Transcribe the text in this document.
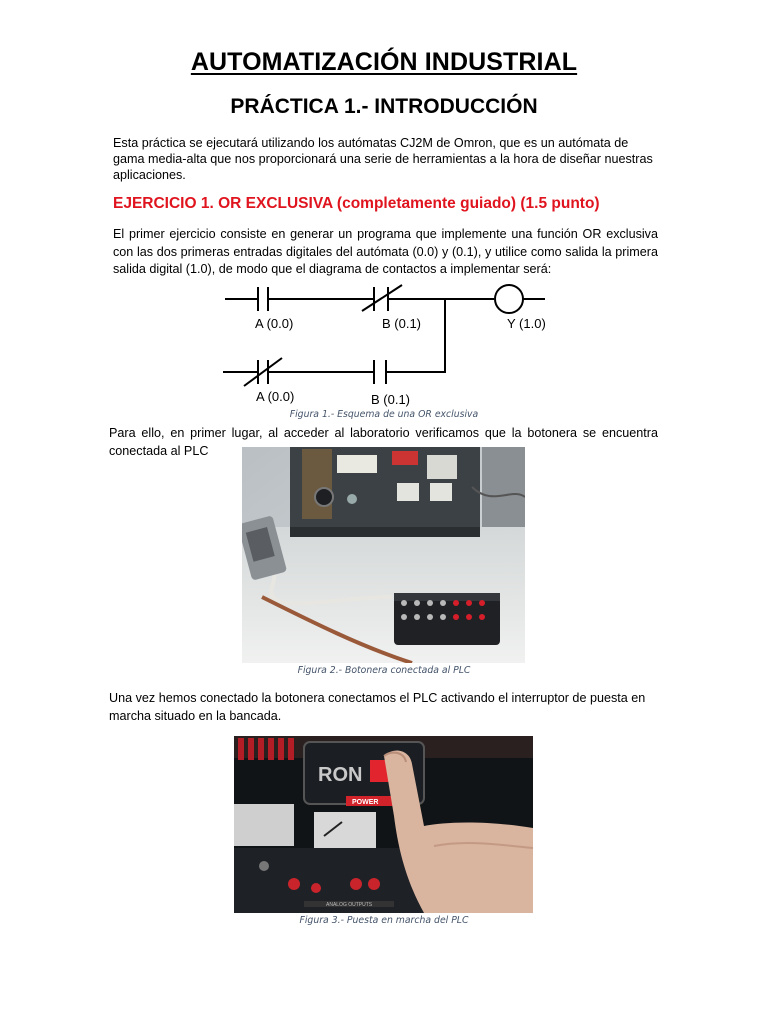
AUTOMATIZACIÓN INDUSTRIAL
PRÁCTICA 1.- INTRODUCCIÓN
Esta práctica se ejecutará utilizando los autómatas CJ2M de Omron, que es un autómata de gama media-alta que nos proporcionará una serie de herramientas a la hora de diseñar nuestras aplicaciones.
EJERCICIO 1. OR EXCLUSIVA (completamente guiado) (1.5 punto)
El primer ejercicio consiste en generar un programa que implemente una función OR exclusiva con las dos primeras entradas digitales del autómata (0.0) y (0.1), y utilice como salida la primera salida digital (1.0), de modo que el diagrama de contactos a implementar será:
A (0.0)	B (0.1)	Y (1.0)
A (0.0)	B (0.1)
Figura 1.- Esquema de una OR exclusiva
Para ello, en primer lugar, al acceder al laboratorio verificamos que la botonera se encuentra conectada al PLC
Figura 2.- Botonera conectada al PLC
Una vez hemos conectado la botonera conectamos el PLC activando el interruptor de puesta en marcha situado en la bancada.
RON
POWER
ANALOG OUTPUTS
Figura 3.- Puesta en marcha del PLC
